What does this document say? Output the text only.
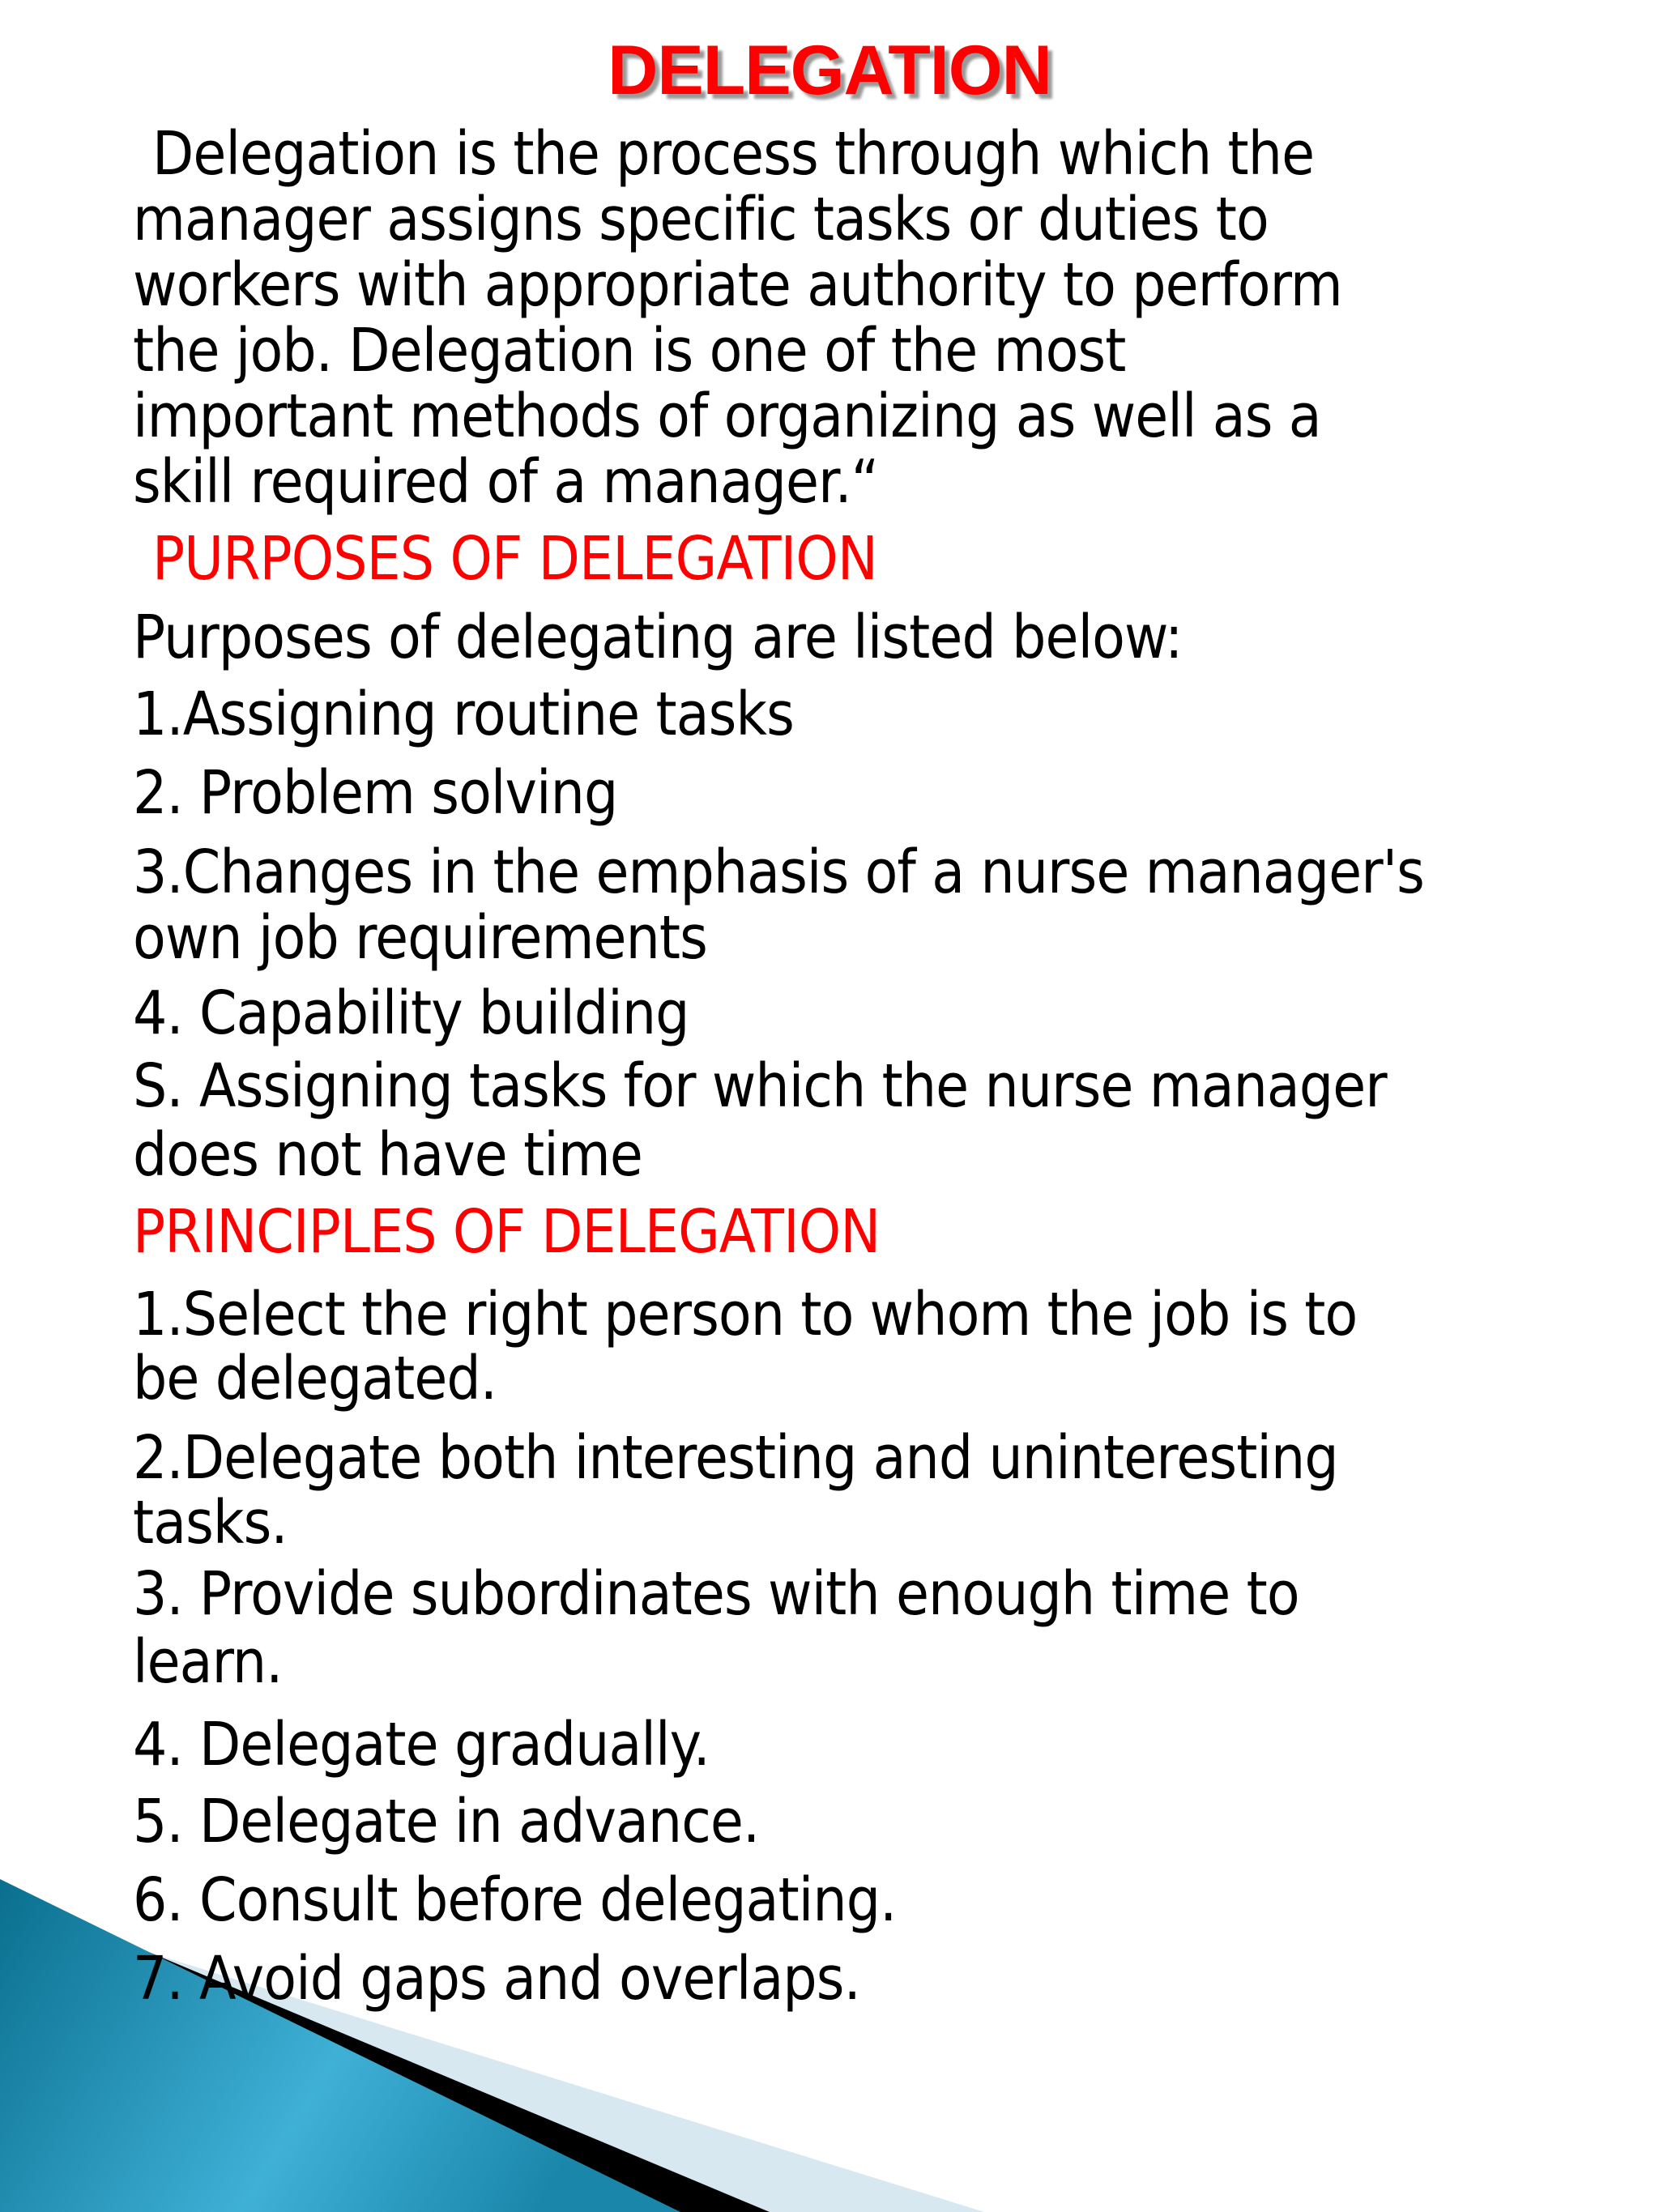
DELEGATION
Delegation is the process through which the
manager assigns specific tasks or duties to
workers with appropriate authority to perform
the job. Delegation is one of the most
important methods of organizing as well as a
skill required of a manager.“
PURPOSES OF DELEGATION
Purposes of delegating are listed below:
1.Assigning routine tasks
2. Problem solving
3.Changes in the emphasis of a nurse manager's
own job requirements
4. Capability building
S. Assigning tasks for which the nurse manager
does not have time
PRINCIPLES OF DELEGATION
1.Select the right person to whom the job is to
be delegated.
2.Delegate both interesting and uninteresting
tasks.
3. Provide subordinates with enough time to
learn.
4. Delegate gradually.
5. Delegate in advance.
6. Consult before delegating.
7. Avoid gaps and overlaps.
